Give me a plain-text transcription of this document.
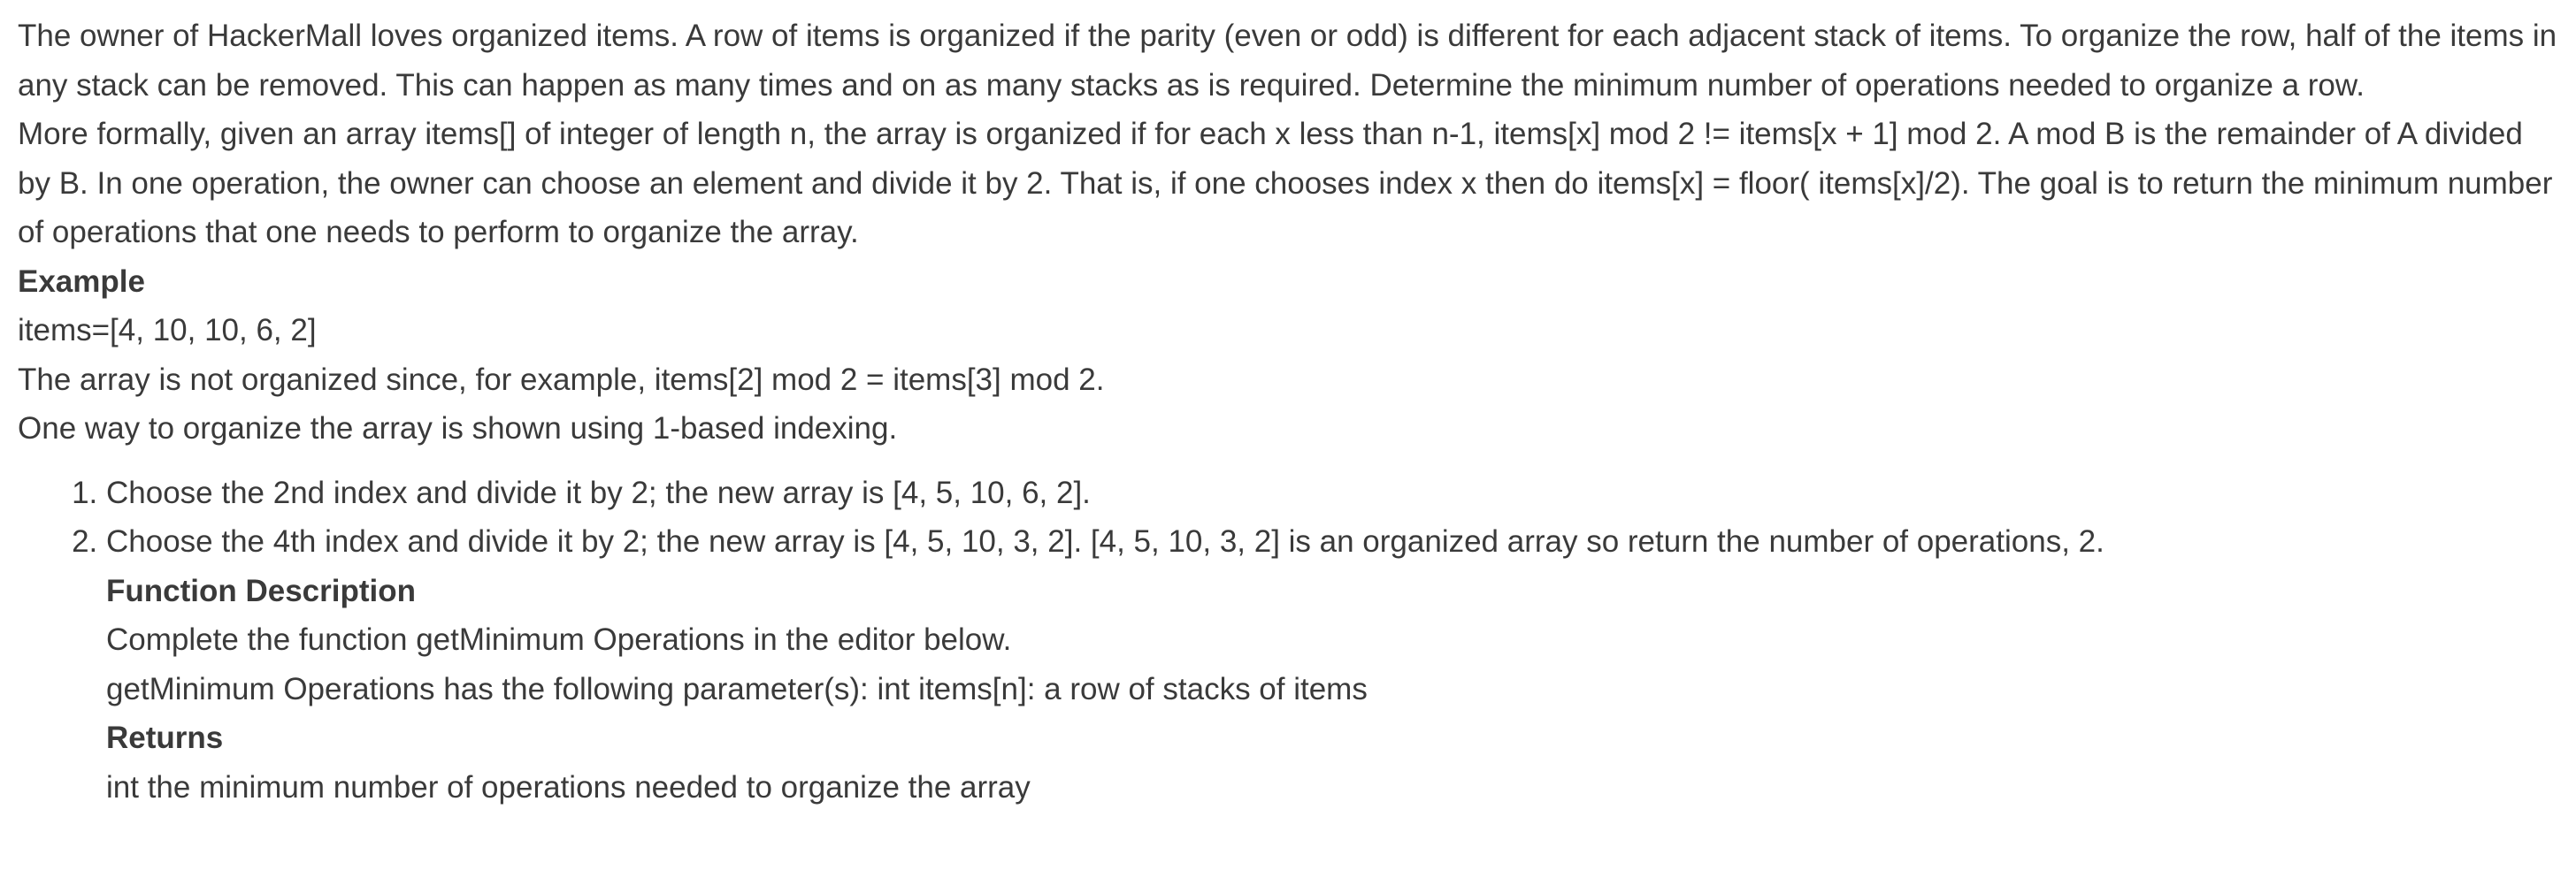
The owner of HackerMall loves organized items. A row of items is organized if the parity (even or odd) is different for each adjacent stack of items. To organize the row, half of the items in any stack can be removed. This can happen as many times and on as many stacks as is required. Determine the minimum number of operations needed to organize a row.

More formally, given an array items[] of integer of length n, the array is organized if for each x less than n-1, items[x] mod 2 != items[x + 1] mod 2. A mod B is the remainder of A divided by B. In one operation, the owner can choose an element and divide it by 2. That is, if one chooses index x then do items[x] = floor( items[x]/2). The goal is to return the minimum number of operations that one needs to perform to organize the array.

Example

items=[4, 10, 10, 6, 2]

The array is not organized since, for example, items[2] mod 2 = items[3] mod 2.

One way to organize the array is shown using 1-based indexing.

1. Choose the 2nd index and divide it by 2; the new array is [4, 5, 10, 6, 2].
2. Choose the 4th index and divide it by 2; the new array is [4, 5, 10, 3, 2]. [4, 5, 10, 3, 2] is an organized array so return the number of operations, 2.

Function Description

Complete the function getMinimum Operations in the editor below.

getMinimum Operations has the following parameter(s): int items[n]: a row of stacks of items

Returns

int the minimum number of operations needed to organize the array
